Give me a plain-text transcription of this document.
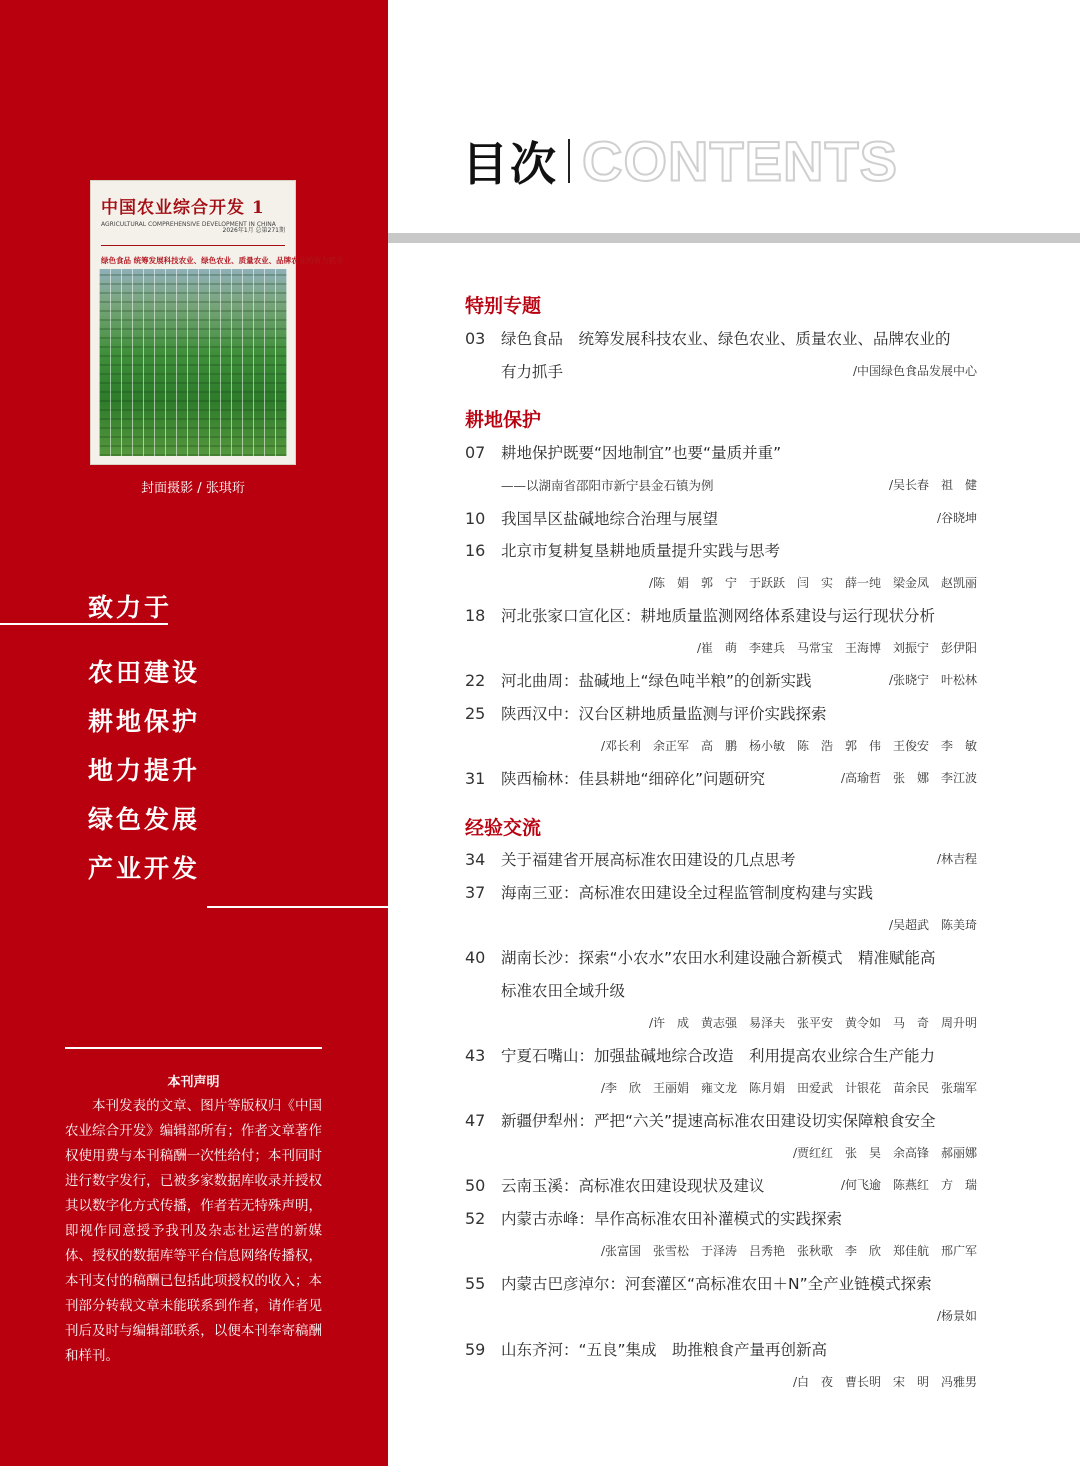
中国农业综合开发 1
AGRICULTURAL COMPREHENSIVE DEVELOPMENT IN CHINA
2026年1月 总第271期
绿色食品 统筹发展科技农业、绿色农业、质量农业、品牌农业的有力抓手
封面摄影 / 张琪珩
致力于
农田建设
耕地保护
地力提升
绿色发展
产业开发
本刊声明
本刊发表的文章、图片等版权归《中国农业综合开发》编辑部所有；作者文章著作权使用费与本刊稿酬一次性给付；本刊同时进行数字发行，已被多家数据库收录并授权其以数字化方式传播，作者若无特殊声明，即视作同意授予我刊及杂志社运营的新媒体、授权的数据库等平台信息网络传播权，本刊支付的稿酬已包括此项授权的收入；本刊部分转载文章未能联系到作者，请作者见刊后及时与编辑部联系，以便本刊奉寄稿酬和样刊。
目次 CONTENTS
特别专题
03 绿色食品　统筹发展科技农业、绿色农业、质量农业、品牌农业的
有力抓手	/中国绿色食品发展中心
耕地保护
07 耕地保护既要“因地制宜”也要“量质并重”
——以湖南省邵阳市新宁县金石镇为例	/吴长春　祖　健
10 我国旱区盐碱地综合治理与展望	/谷晓坤
16 北京市复耕复垦耕地质量提升实践与思考
/陈　娟　郭　宁　于跃跃　闫　实　薛一纯　梁金凤　赵凯丽
18 河北张家口宣化区：耕地质量监测网络体系建设与运行现状分析
/崔　萌　李建兵　马常宝　王海博　刘振宁　彭伊阳
22 河北曲周：盐碱地上“绿色吨半粮”的创新实践	/张晓宁　叶松林
25 陕西汉中：汉台区耕地质量监测与评价实践探索
/邓长利　余正军　高　鹏　杨小敏　陈　浩　郭　伟　王俊安　李　敏
31 陕西榆林：佳县耕地“细碎化”问题研究	/高瑜哲　张　娜　李江波
经验交流
34 关于福建省开展高标准农田建设的几点思考	/林吉程
37 海南三亚：高标准农田建设全过程监管制度构建与实践
/吴超武　陈美琦
40 湖南长沙：探索“小农水”农田水利建设融合新模式　精准赋能高
标准农田全域升级
/许　成　黄志强　易泽夫　张平安　黄令如　马　奇　周升明
43 宁夏石嘴山：加强盐碱地综合改造　利用提高农业综合生产能力
/李　欣　王丽娟　雍文龙　陈月娟　田爱武　计银花　苗余民　张瑞军
47 新疆伊犁州：严把“六关”提速高标准农田建设切实保障粮食安全
/贾红红　张　昊　余高锋　郝丽娜
50 云南玉溪：高标准农田建设现状及建议	/何飞逾　陈燕红　方　瑞
52 内蒙古赤峰：旱作高标准农田补灌模式的实践探索
/张富国　张雪松　于泽涛　吕秀艳　张秋歌　李　欣　郑佳航　邢广军
55 内蒙古巴彦淖尔：河套灌区“高标准农田＋N”全产业链模式探索
/杨景如
59 山东齐河：“五良”集成　助推粮食产量再创新高
/白　夜　曹长明　宋　明　冯雅男
